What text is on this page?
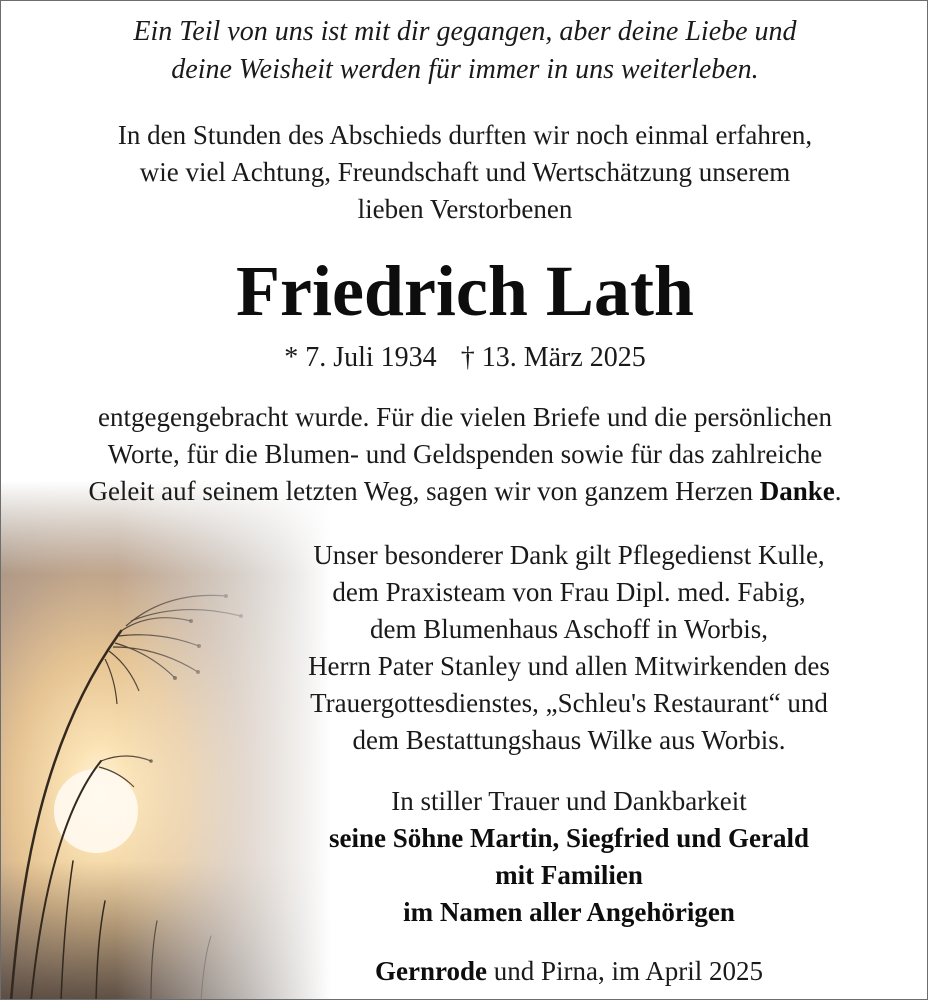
Ein Teil von uns ist mit dir gegangen, aber deine Liebe und
deine Weisheit werden für immer in uns weiterleben.
In den Stunden des Abschieds durften wir noch einmal erfahren,
wie viel Achtung, Freundschaft und Wertschätzung unserem
lieben Verstorbenen
Friedrich Lath
* 7. Juli 1934 † 13. März 2025
entgegengebracht wurde. Für die vielen Briefe und die persönlichen
Worte, für die Blumen- und Geldspenden sowie für das zahlreiche
Geleit auf seinem letzten Weg, sagen wir von ganzem Herzen Danke.
Unser besonderer Dank gilt Pflegedienst Kulle,
dem Praxisteam von Frau Dipl. med. Fabig,
dem Blumenhaus Aschoff in Worbis,
Herrn Pater Stanley und allen Mitwirkenden des
Trauergottesdienstes, „Schleu's Restaurant“ und
dem Bestattungshaus Wilke aus Worbis.
In stiller Trauer und Dankbarkeit
seine Söhne Martin, Siegfried und Gerald
mit Familien
im Namen aller Angehörigen
Gernrode und Pirna, im April 2025
